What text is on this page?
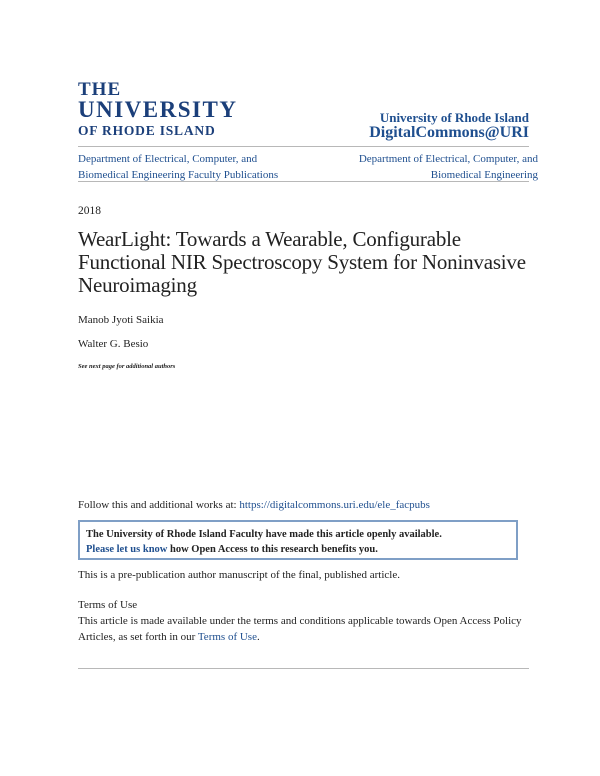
THE
UNIVERSITY
OF RHODE ISLAND
University of Rhode Island
DigitalCommons@URI
Department of Electrical, Computer, and Biomedical Engineering Faculty Publications
Department of Electrical, Computer, and Biomedical Engineering
2018
WearLight: Towards a Wearable, Configurable Functional NIR Spectroscopy System for Noninvasive Neuroimaging
Manob Jyoti Saikia
Walter G. Besio
See next page for additional authors
Follow this and additional works at: https://digitalcommons.uri.edu/ele_facpubs
The University of Rhode Island Faculty have made this article openly available.
Please let us know how Open Access to this research benefits you.
This is a pre-publication author manuscript of the final, published article.
Terms of Use
This article is made available under the terms and conditions applicable towards Open Access Policy Articles, as set forth in our Terms of Use.
